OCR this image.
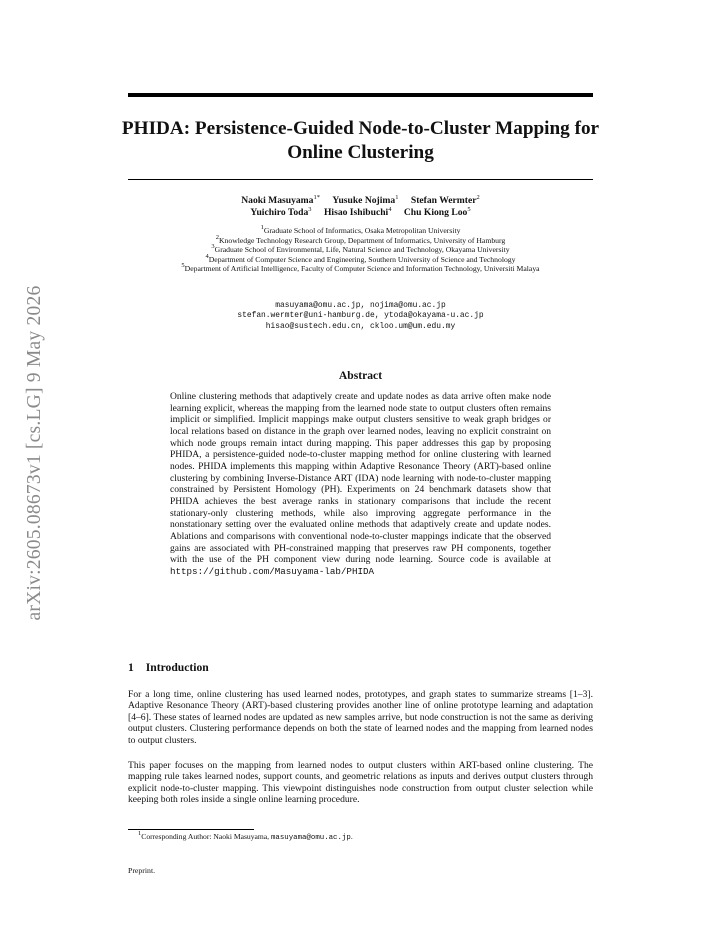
arXiv:2605.08673v1 [cs.LG] 9 May 2026
PHIDA: Persistence-Guided Node-to-Cluster Mapping for Online Clustering
Naoki Masuyama$^{1*}$ Yusuke Nojima$^1$ Stefan Wermter$^2$
Yuichiro Toda$^3$ Hisao Ishibuchi$^4$ Chu Kiong Loo$^5$
$^1$Graduate School of Informatics, Osaka Metropolitan University
$^2$Knowledge Technology Research Group, Department of Informatics, University of Hamburg
$^3$Graduate School of Environmental, Life, Natural Science and Technology, Okayama University
$^4$Department of Computer Science and Engineering, Southern University of Science and Technology
$^5$Department of Artificial Intelligence, Faculty of Computer Science and Information Technology, Universiti Malaya
masuyama@omu.ac.jp, nojima@omu.ac.jp
stefan.wermter@uni-hamburg.de, ytoda@okayama-u.ac.jp
hisao@sustech.edu.cn, ckloo.um@um.edu.my
Abstract
Online clustering methods that adaptively create and update nodes as data arrive often make node learning explicit, whereas the mapping from the learned node state to output clusters often remains implicit or simplified. Implicit mappings make output clusters sensitive to weak graph bridges or local relations based on distance in the graph over learned nodes, leaving no explicit constraint on which node groups remain intact during mapping. This paper addresses this gap by proposing PHIDA, a persistence-guided node-to-cluster mapping method for online clustering with learned nodes. PHIDA implements this mapping within Adaptive Resonance Theory (ART)-based online clustering by combining Inverse-Distance ART (IDA) node learning with node-to-cluster mapping constrained by Persistent Homology (PH). Experiments on 24 benchmark datasets show that PHIDA achieves the best average ranks in stationary comparisons that include the recent stationary-only clustering methods, while also improving aggregate performance in the nonstationary setting over the evaluated online methods that adaptively create and update nodes. Ablations and comparisons with conventional node-to-cluster mappings indicate that the observed gains are associated with PH-constrained mapping that preserves raw PH components, together with the use of the PH component view during node learning. Source code is available at https://github.com/Masuyama-lab/PHIDA
1 Introduction

For a long time, online clustering has used learned nodes, prototypes, and graph states to summarize streams [1–3]. Adaptive Resonance Theory (ART)-based clustering provides another line of online prototype learning and adaptation [4–6]. These states of learned nodes are updated as new samples arrive, but node construction is not the same as deriving output clusters. Clustering performance depends on both the state of learned nodes and the mapping from learned nodes to output clusters.

This paper focuses on the mapping from learned nodes to output clusters within ART-based online clustering. The mapping rule takes learned nodes, support counts, and geometric relations as inputs and derives output clusters through explicit node-to-cluster mapping. This viewpoint distinguishes node construction from output cluster selection while keeping both roles inside a single online learning procedure.

$^1$Corresponding Author: Naoki Masuyama, masuyama@omu.ac.jp.
Preprint.
